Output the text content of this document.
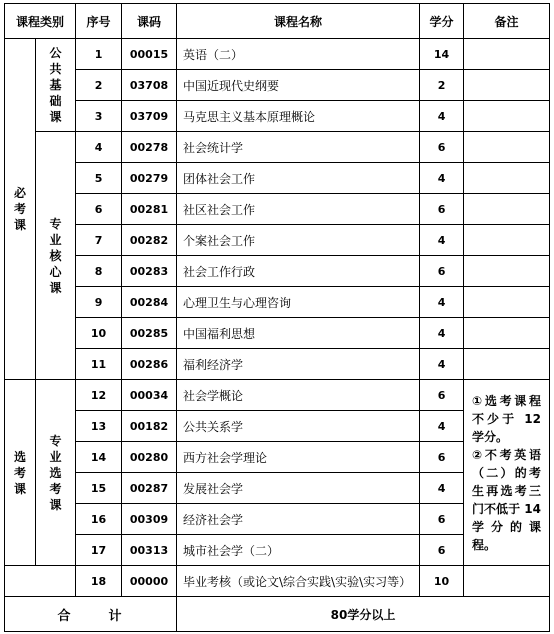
课程类别		序号	课码	课程名称	学分	备注
必考课	公共基础课	1	00015	英语（二）	14	
		2	03708	中国近现代史纲要	2	
		3	03709	马克思主义基本原理概论	4	
	专业核心课	4	00278	社会统计学	6	
		5	00279	团体社会工作	4	
		6	00281	社区社会工作	6	
		7	00282	个案社会工作	4	
		8	00283	社会工作行政	6	
		9	00284	心理卫生与心理咨询	4	
		10	00285	中国福利思想	4	
		11	00286	福利经济学	4	
选考课	专业选考课	12	00034	社会学概论	6	①选考课程不少于 12 学分。
②不考英语（二）的考生再选考三门不低于 14 学分的课程。

		13	00182	公共关系学	4	
		14	00280	西方社会学理论	6	
		15	00287	发展社会学	4	
		16	00309	经济社会学	6	
		17	00313	城市社会学（二）	6	
		18	00000	毕业考核（或论文\综合实践\实验\实习等）	10	
合 计				80学分以上		
